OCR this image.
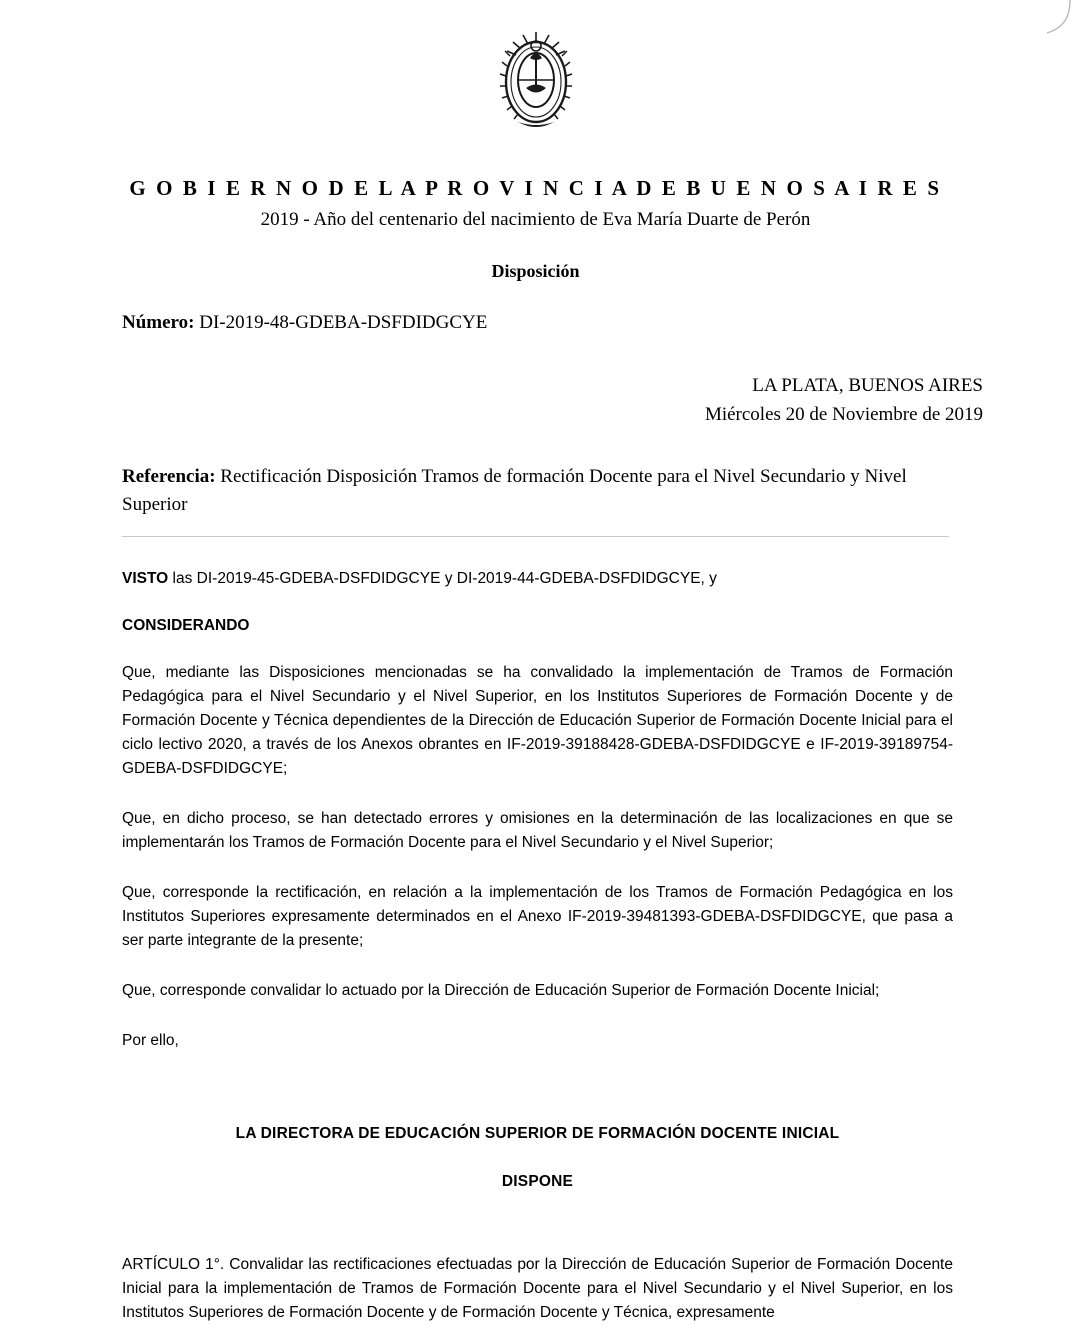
G O B I E R N O D E L A P R O V I N C I A D E B U E N O S A I R E S
2019 - Año del centenario del nacimiento de Eva María Duarte de Perón
Disposición
Número: DI-2019-48-GDEBA-DSFDIDGCYE
LA PLATA, BUENOS AIRES
Miércoles 20 de Noviembre de 2019
Referencia: Rectificación Disposición Tramos de formación Docente para el Nivel Secundario y Nivel Superior
VISTO las DI-2019-45-GDEBA-DSFDIDGCYE y DI-2019-44-GDEBA-DSFDIDGCYE, y
CONSIDERANDO
Que, mediante las Disposiciones mencionadas se ha convalidado la implementación de Tramos de Formación Pedagógica para el Nivel Secundario y el Nivel Superior, en los Institutos Superiores de Formación Docente y de Formación Docente y Técnica dependientes de la Dirección de Educación Superior de Formación Docente Inicial para el ciclo lectivo 2020, a través de los Anexos obrantes en IF-2019-39188428-GDEBA-DSFDIDGCYE e IF-2019-39189754-GDEBA-DSFDIDGCYE;
Que, en dicho proceso, se han detectado errores y omisiones en la determinación de las localizaciones en que se implementarán los Tramos de Formación Docente para el Nivel Secundario y el Nivel Superior;
Que, corresponde la rectificación, en relación a la implementación de los Tramos de Formación Pedagógica en los Institutos Superiores expresamente determinados en el Anexo IF-2019-39481393-GDEBA-DSFDIDGCYE, que pasa a ser parte integrante de la presente;
Que, corresponde convalidar lo actuado por la Dirección de Educación Superior de Formación Docente Inicial;
Por ello,
LA DIRECTORA DE EDUCACIÓN SUPERIOR DE FORMACIÓN DOCENTE INICIAL
DISPONE
ARTÍCULO 1°. Convalidar las rectificaciones efectuadas por la Dirección de Educación Superior de Formación Docente Inicial para la implementación de Tramos de Formación Docente para el Nivel Secundario y el Nivel Superior, en los Institutos Superiores de Formación Docente y de Formación Docente y Técnica, expresamente
